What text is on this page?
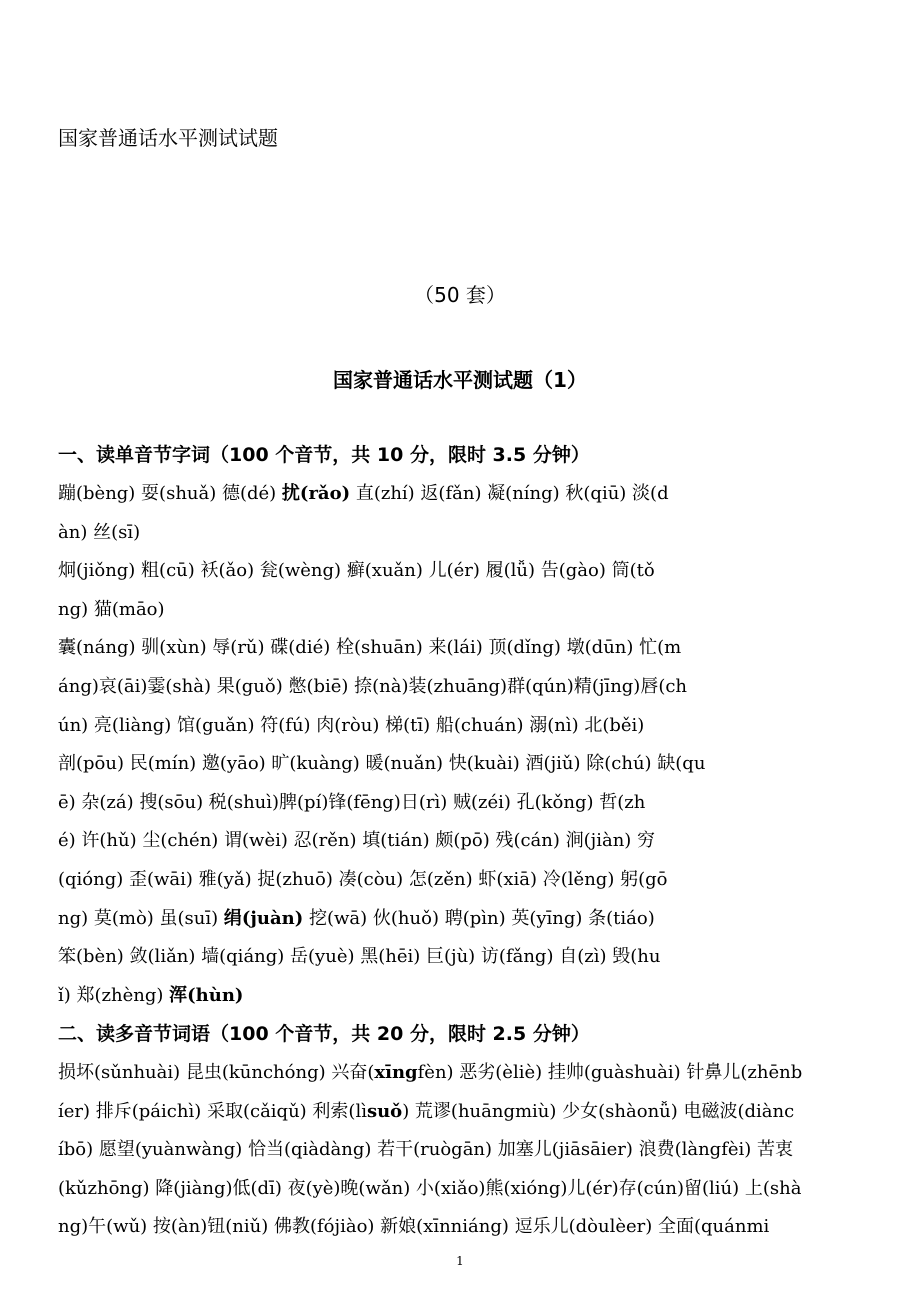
国家普通话水平测试试题
（50 套）
国家普通话水平测试题（1）
一、读单音节字词（100 个音节，共 10 分，限时 3.5 分钟）
蹦(bèng) 耍(shuǎ) 德(dé) 扰(rǎo) 直(zhí) 返(fǎn) 凝(níng) 秋(qiū) 淡(d
àn) 丝(sī)
炯(jiǒng) 粗(cū) 袄(ǎo) 瓮(wèng) 癣(xuǎn) 儿(ér) 履(lǚ) 告(gào) 筒(tǒ
ng) 猫(māo)
囊(náng) 驯(xùn) 辱(rǔ) 碟(dié) 栓(shuān) 来(lái) 顶(dǐng) 墩(dūn) 忙(m
áng)哀(āi)霎(shà) 果(guǒ) 憋(biē) 捺(nà)装(zhuāng)群(qún)精(jīng)唇(ch
ún) 亮(liàng) 馆(guǎn) 符(fú) 肉(ròu) 梯(tī) 船(chuán) 溺(nì) 北(běi)
剖(pōu) 民(mín) 邀(yāo) 旷(kuàng) 暖(nuǎn) 快(kuài) 酒(jiǔ) 除(chú) 缺(qu
ē) 杂(zá) 搜(sōu) 税(shuì)脾(pí)锋(fēng)日(rì) 贼(zéi) 孔(kǒng) 哲(zh
é) 许(hǔ) 尘(chén) 谓(wèi) 忍(rěn) 填(tián) 颇(pō) 残(cán) 涧(jiàn) 穷
(qióng) 歪(wāi) 雅(yǎ) 捉(zhuō) 凑(còu) 怎(zěn) 虾(xiā) 冷(lěng) 躬(gō
ng) 莫(mò) 虽(suī) 绢(juàn) 挖(wā) 伙(huǒ) 聘(pìn) 英(yīng) 条(tiáo)
笨(bèn) 敛(liǎn) 墙(qiáng) 岳(yuè) 黑(hēi) 巨(jù) 访(fǎng) 自(zì) 毁(hu
ǐ) 郑(zhèng) 浑(hùn)
二、读多音节词语（100 个音节，共 20 分，限时 2.5 分钟）
损坏(sǔnhuài) 昆虫(kūnchóng) 兴奋(xīngfèn) 恶劣(èliè) 挂帅(guàshuài) 针鼻儿(zhēnb
íer) 排斥(páichì) 采取(cǎiqǔ) 利索(lìsuǒ) 荒谬(huāngmiù) 少女(shàonǚ) 电磁波(diànc
íbō) 愿望(yuànwàng) 恰当(qiàdàng) 若干(ruògān) 加塞儿(jiāsāier) 浪费(làngfèi) 苦衷
(kǔzhōng) 降(jiàng)低(dī) 夜(yè)晚(wǎn) 小(xiǎo)熊(xióng)儿(ér)存(cún)留(liú) 上(shà
ng)午(wǔ) 按(àn)钮(niǔ) 佛教(fójiào) 新娘(xīnniáng) 逗乐儿(dòulèer) 全面(quánmi
1
